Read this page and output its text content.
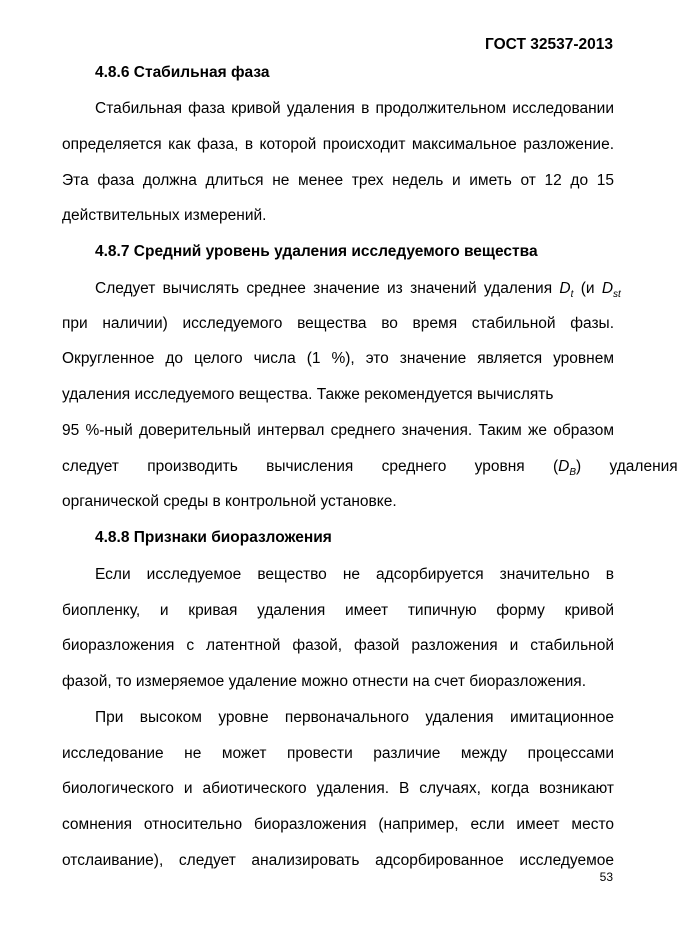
ГОСТ 32537-2013
4.8.6 Стабильная фаза
Стабильная фаза кривой удаления в продолжительном исследовании
определяется как фаза, в которой происходит максимальное разложение.
Эта фаза должна длиться не менее трех недель и иметь от 12 до 15
действительных измерений.
4.8.7 Средний уровень удаления исследуемого вещества
Следует вычислять среднее значение из значений удаления $D_t$ (и $D_{st}$
при наличии) исследуемого вещества во время стабильной фазы.
Округленное до целого числа (1 %), это значение является уровнем
удаления исследуемого вещества. Также рекомендуется вычислять
95 %-ный доверительный интервал среднего значения. Таким же образом
следует производить вычисления среднего уровня $(D_B)$ удаления
органической среды в контрольной установке.
4.8.8 Признаки биоразложения
Если исследуемое вещество не адсорбируется значительно в
биопленку, и кривая удаления имеет типичную форму кривой
биоразложения с латентной фазой, фазой разложения и стабильной
фазой, то измеряемое удаление можно отнести на счет биоразложения.
При высоком уровне первоначального удаления имитационное
исследование не может провести различие между процессами
биологического и абиотического удаления. В случаях, когда возникают
сомнения относительно биоразложения (например, если имеет место
отслаивание), следует анализировать адсорбированное исследуемое
53
